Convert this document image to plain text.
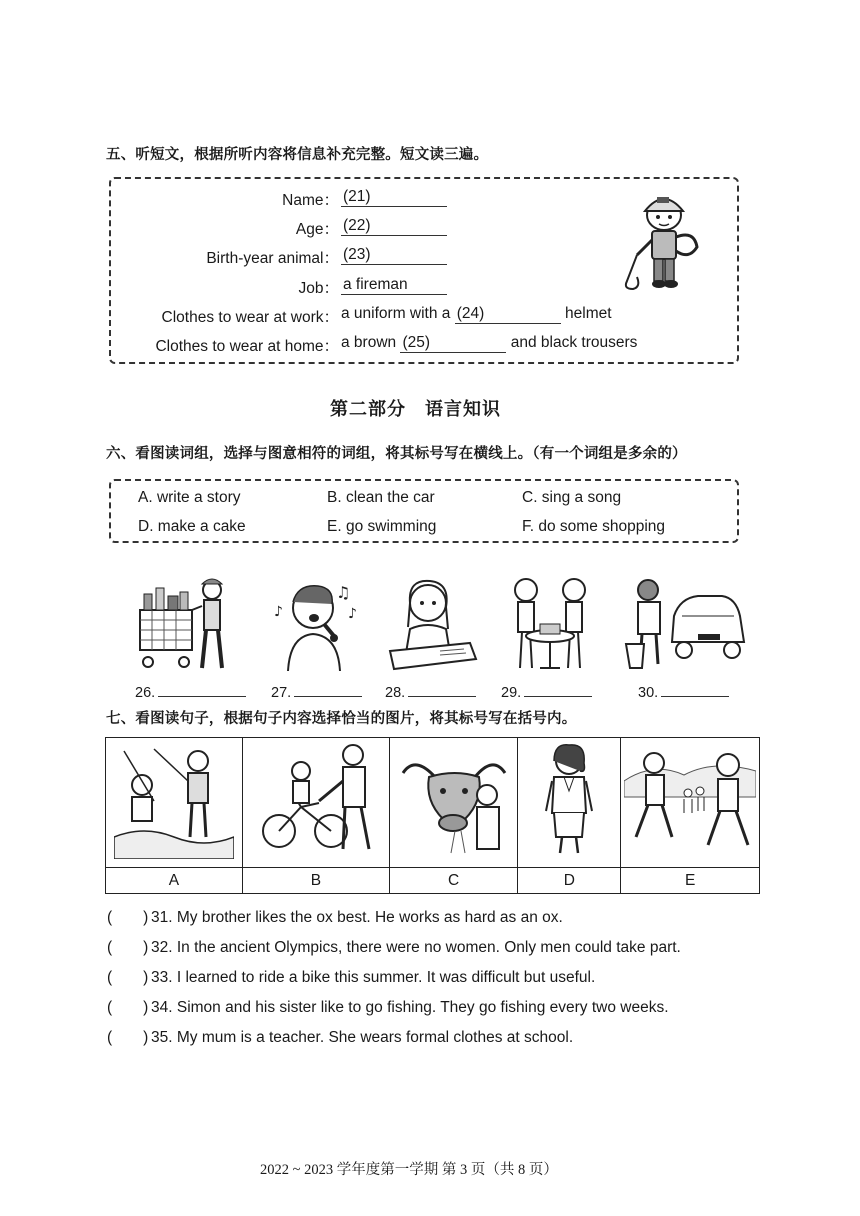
五、听短文，根据所听内容将信息补充完整。短文读三遍。
Name： (21)
Age： (22)
Birth-year animal： (23)
Job： a fireman
Clothes to wear at work： a uniform with a (24)	helmet
Clothes to wear at home： a brown (25)	and black trousers
第二部分　语言知识
六、看图读词组，选择与图意相符的词组，将其标号写在横线上。（有一个词组是多余的）
A. write a story	B. clean the car	C. sing a song
D. make a cake	E. go swimming	F. do some shopping
♫
♪
♪
26.	27.	28.	29.	30.
七、看图读句子，根据句子内容选择恰当的图片，将其标号写在括号内。

A	B	C	D	E
(　　) 31. My brother likes the ox best. He works as hard as an ox.
(　　) 32. In the ancient Olympics, there were no women. Only men could take part.
(　　) 33. I learned to ride a bike this summer. It was difficult but useful.
(　　) 34. Simon and his sister like to go fishing. They go fishing every two weeks.
(　　) 35. My mum is a teacher. She wears formal clothes at school.
2022 ~ 2023 学年度第一学期 第 3 页（共 8 页）
